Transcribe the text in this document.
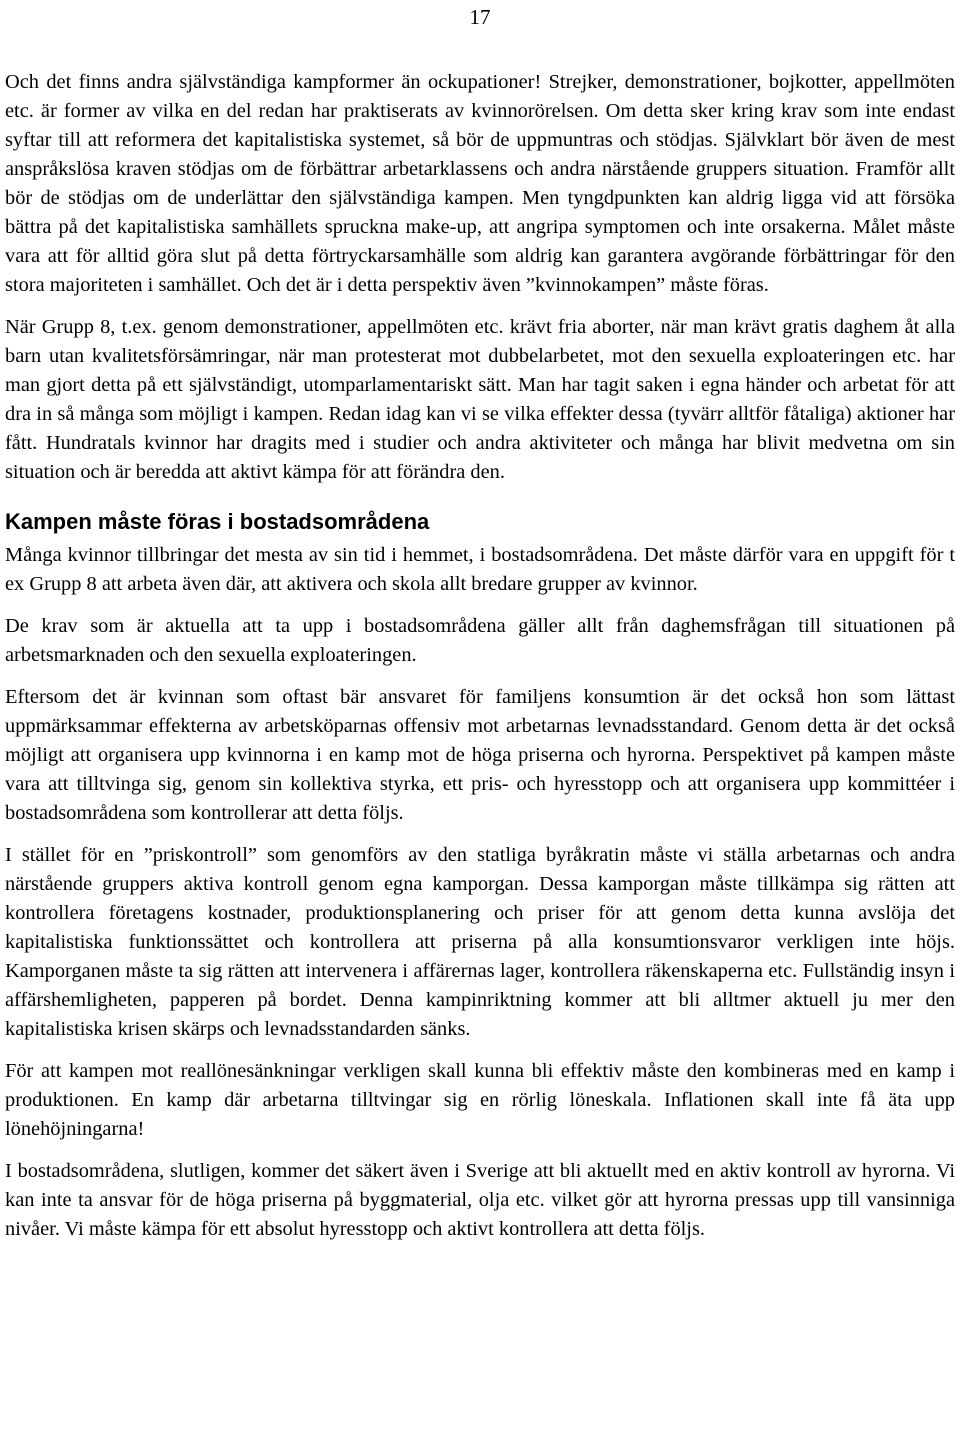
17

Och det finns andra självständiga kampformer än ockupationer! Strejker, demonstrationer, bojkotter, appellmöten etc. är former av vilka en del redan har praktiserats av kvinnorörelsen. Om detta sker kring krav som inte endast syftar till att reformera det kapitalistiska systemet, så bör de uppmuntras och stödjas. Självklart bör även de mest anspråkslösa kraven stödjas om de förbättrar arbetarklassens och andra närstående gruppers situation. Framför allt bör de stödjas om de underlättar den självständiga kampen. Men tyngdpunkten kan aldrig ligga vid att försöka bättra på det kapitalistiska samhällets spruckna make-up, att angripa symptomen och inte orsakerna. Målet måste vara att för alltid göra slut på detta förtryckarsamhälle som aldrig kan garantera avgörande förbättringar för den stora majoriteten i samhället. Och det är i detta perspektiv även ”kvinnokampen” måste föras.

När Grupp 8, t.ex. genom demonstrationer, appellmöten etc. krävt fria aborter, när man krävt gratis daghem åt alla barn utan kvalitetsförsämringar, när man protesterat mot dubbelarbetet, mot den sexuella exploateringen etc. har man gjort detta på ett självständigt, utomparlamentariskt sätt. Man har tagit saken i egna händer och arbetat för att dra in så många som möjligt i kampen. Redan idag kan vi se vilka effekter dessa (tyvärr alltför fåtaliga) aktioner har fått. Hundratals kvinnor har dragits med i studier och andra aktiviteter och många har blivit medvetna om sin situation och är beredda att aktivt kämpa för att förändra den.

Kampen måste föras i bostadsområdena

Många kvinnor tillbringar det mesta av sin tid i hemmet, i bostadsområdena. Det måste därför vara en uppgift för t ex Grupp 8 att arbeta även där, att aktivera och skola allt bredare grupper av kvinnor.

De krav som är aktuella att ta upp i bostadsområdena gäller allt från daghemsfrågan till situationen på arbetsmarknaden och den sexuella exploateringen.

Eftersom det är kvinnan som oftast bär ansvaret för familjens konsumtion är det också hon som lättast uppmärksammar effekterna av arbetsköparnas offensiv mot arbetarnas levnadsstandard. Genom detta är det också möjligt att organisera upp kvinnorna i en kamp mot de höga priserna och hyrorna. Perspektivet på kampen måste vara att tilltvinga sig, genom sin kollektiva styrka, ett pris- och hyresstopp och att organisera upp kommittéer i bostadsområdena som kontrollerar att detta följs.

I stället för en ”priskontroll” som genomförs av den statliga byråkratin måste vi ställa arbetarnas och andra närstående gruppers aktiva kontroll genom egna kamporgan. Dessa kamporgan måste tillkämpa sig rätten att kontrollera företagens kostnader, produktionsplanering och priser för att genom detta kunna avslöja det kapitalistiska funktionssättet och kontrollera att priserna på alla konsumtionsvaror verkligen inte höjs. Kamporganen måste ta sig rätten att intervenera i affärernas lager, kontrollera räkenskaperna etc. Fullständig insyn i affärshemligheten, papperen på bordet. Denna kampinriktning kommer att bli alltmer aktuell ju mer den kapitalistiska krisen skärps och levnadsstandarden sänks.

För att kampen mot reallönesänkningar verkligen skall kunna bli effektiv måste den kombineras med en kamp i produktionen. En kamp där arbetarna tilltvingar sig en rörlig löneskala. Inflationen skall inte få äta upp lönehöjningarna!

I bostadsområdena, slutligen, kommer det säkert även i Sverige att bli aktuellt med en aktiv kontroll av hyrorna. Vi kan inte ta ansvar för de höga priserna på byggmaterial, olja etc. vilket gör att hyrorna pressas upp till vansinniga nivåer. Vi måste kämpa för ett absolut hyresstopp och aktivt kontrollera att detta följs.
